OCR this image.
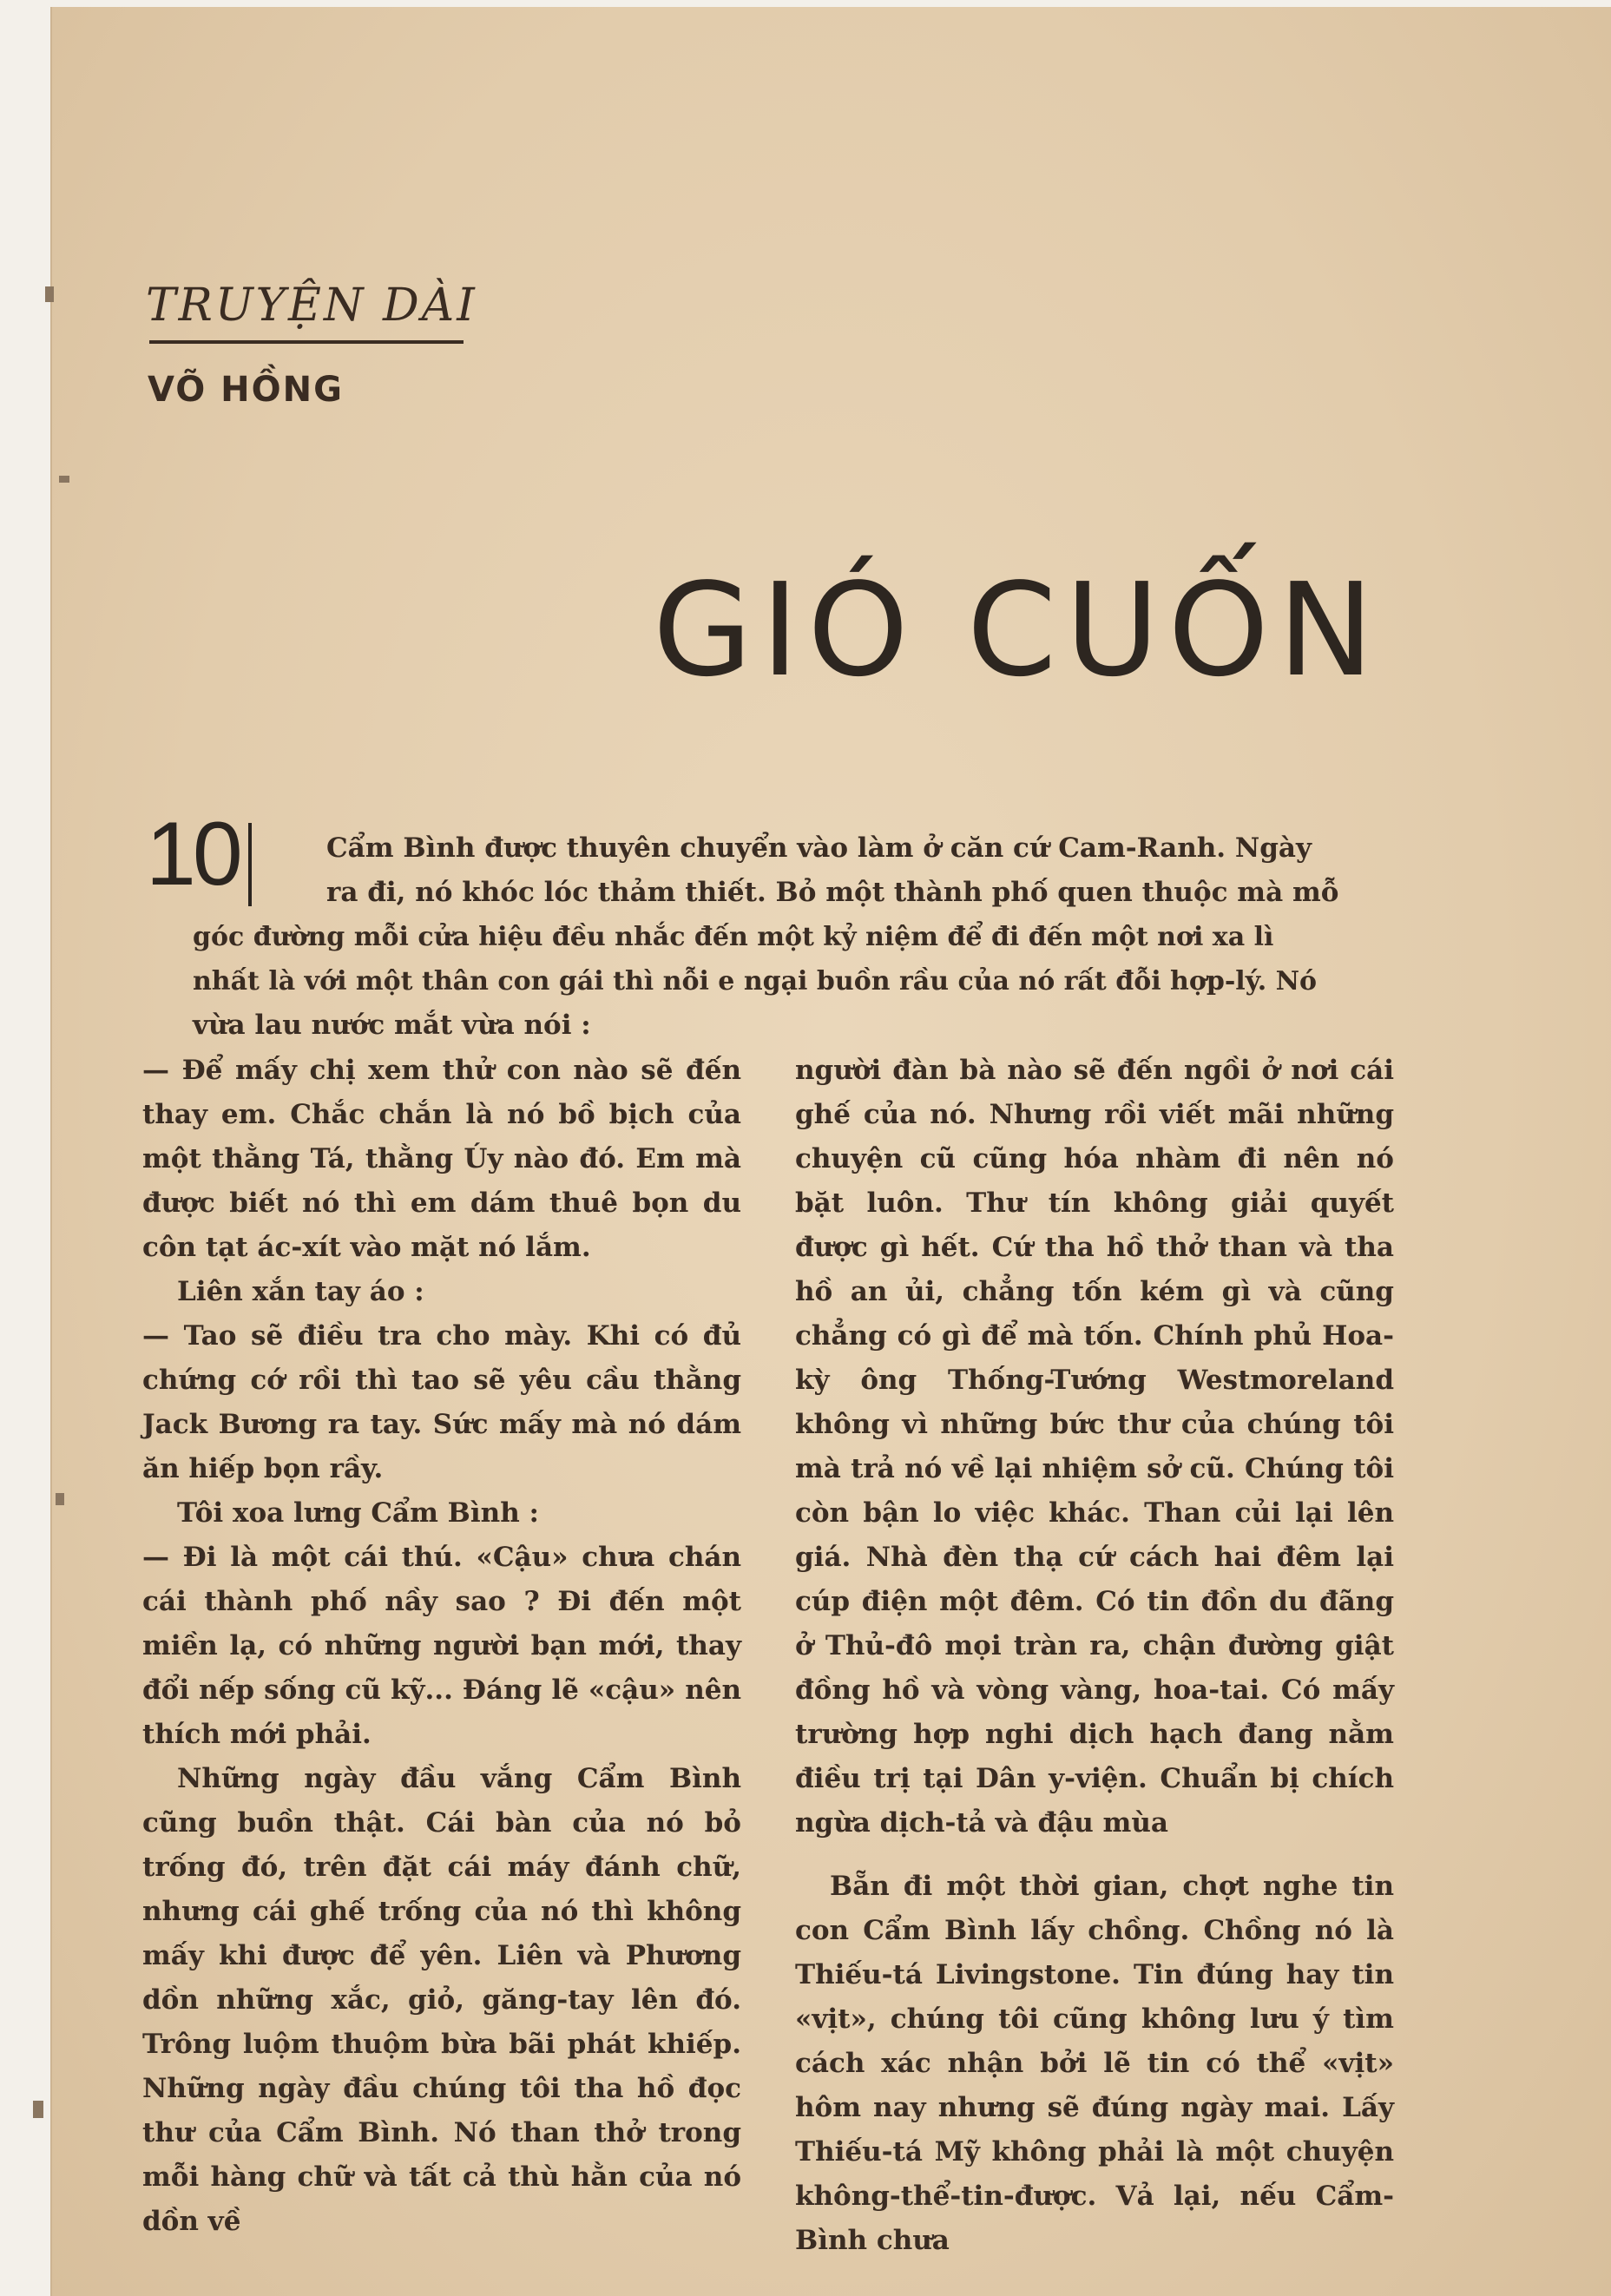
TRUYỆN DÀI
VÕ HỒNG
GIÓ CUỐN
10	Cẩm Bình được thuyên chuyển vào làm ở căn cứ Cam-Ranh. Ngày
ra đi, nó khóc lóc thảm thiết. Bỏ một thành phố quen thuộc mà mỗ
góc đường mỗi cửa hiệu đều nhắc đến một kỷ niệm để đi đến một nơi xa lì
nhất là với một thân con gái thì nỗi e ngại buồn rầu của nó rất đỗi hợp-lý. Nó
vừa lau nước mắt vừa nói :

— Để mấy chị xem thử con nào sẽ đến thay em. Chắc chắn là nó bồ bịch của một thằng Tá, thằng Úy nào đó. Em mà được biết nó thì em dám thuê bọn du côn tạt ác-xít vào mặt nó lắm.

Liên xắn tay áo :

— Tao sẽ điều tra cho mày. Khi có đủ chứng cớ rồi thì tao sẽ yêu cầu thằng Jack Bương ra tay. Sức mấy mà nó dám ăn hiếp bọn rầy.

Tôi xoa lưng Cẩm Bình :

— Đi là một cái thú. «Cậu» chưa chán cái thành phố nầy sao ? Đi đến một miền lạ, có những người bạn mới, thay đổi nếp sống cũ kỹ... Đáng lẽ «cậu» nên thích mới phải.

Những ngày đầu vắng Cẩm Bình cũng buồn thật. Cái bàn của nó bỏ trống đó, trên đặt cái máy đánh chữ, nhưng cái ghế trống của nó thì không mấy khi được để yên. Liên và Phương dồn những xắc, giỏ, găng-tay lên đó. Trông luộm thuộm bừa bãi phát khiếp. Những ngày đầu chúng tôi tha hồ đọc thư của Cẩm Bình. Nó than thở trong mỗi hàng chữ và tất cả thù hằn của nó dồn về

người đàn bà nào sẽ đến ngồi ở nơi cái ghế của nó. Nhưng rồi viết mãi những chuyện cũ cũng hóa nhàm đi nên nó bặt luôn. Thư tín không giải quyết được gì hết. Cứ tha hồ thở than và tha hồ an ủi, chẳng tốn kém gì và cũng chẳng có gì để mà tốn. Chính phủ Hoa-kỳ ông Thống-Tướng Westmoreland không vì những bức thư của chúng tôi mà trả nó về lại nhiệm sở cũ. Chúng tôi còn bận lo việc khác. Than củi lại lên giá. Nhà đèn thạ cứ cách hai đêm lại cúp điện một đêm. Có tin đồn du đãng ở Thủ-đô mọi tràn ra, chận đường giật đồng hồ và vòng vàng, hoa-tai. Có mấy trường hợp nghi dịch hạch đang nằm điều trị tại Dân y-viện. Chuẩn bị chích ngừa dịch-tả và đậu mùa

Bẵn đi một thời gian, chợt nghe tin con Cẩm Bình lấy chồng. Chồng nó là Thiếu-tá Livingstone. Tin đúng hay tin «vịt», chúng tôi cũng không lưu ý tìm cách xác nhận bởi lẽ tin có thể «vịt» hôm nay nhưng sẽ đúng ngày mai. Lấy Thiếu-tá Mỹ không phải là một chuyện không-thể-tin-được. Vả lại, nếu Cẩm-Bình chưa
